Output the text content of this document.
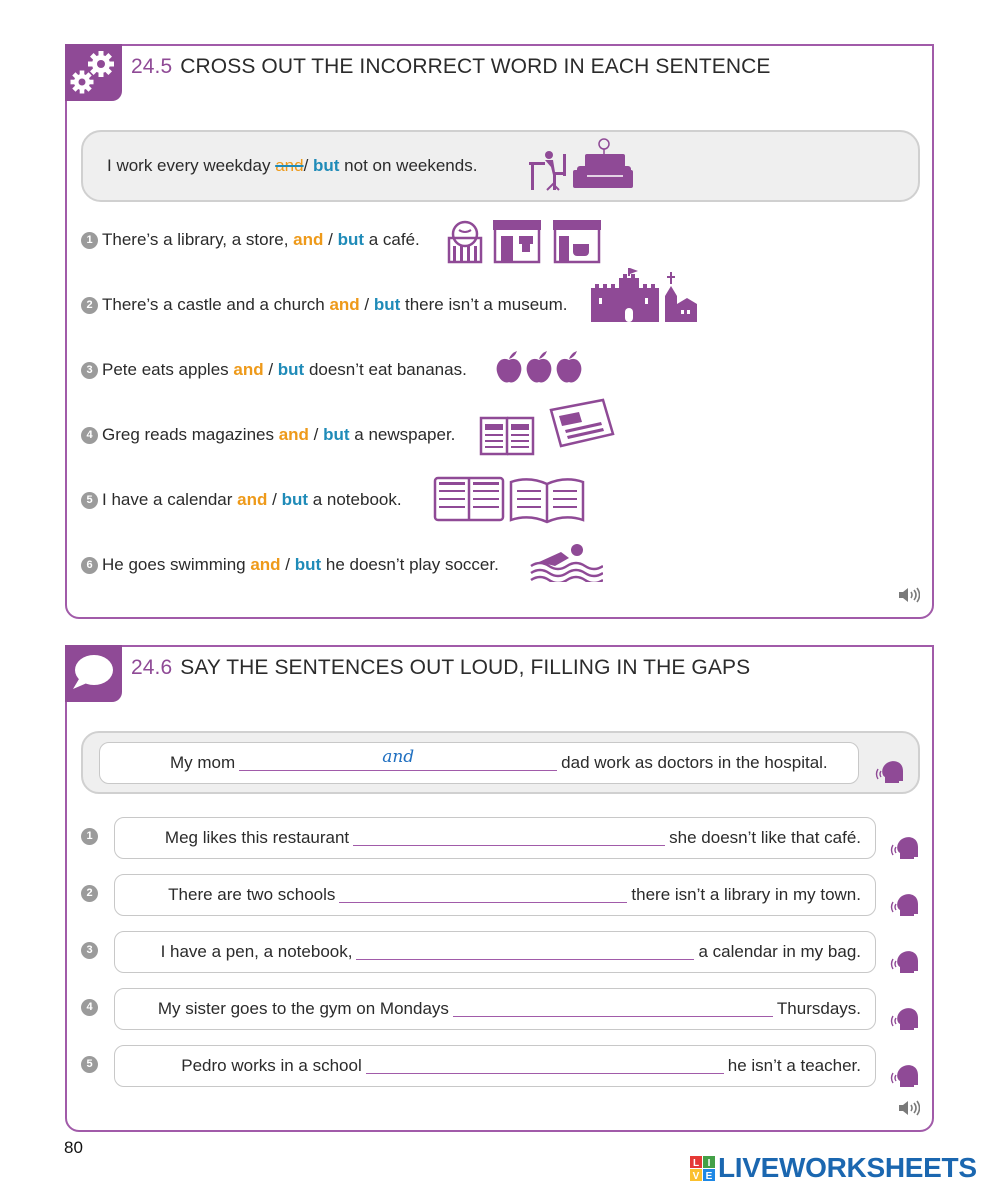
24.5 CROSS OUT THE INCORRECT WORD IN EACH SENTENCE
I work every weekday and/ but not on weekends.
1 There’s a library, a store, and / but a café.
2 There’s a castle and a church and / but there isn’t a museum.
3 Pete eats apples and / but doesn’t eat bananas.
4 Greg reads magazines and / but a newspaper.
5 I have a calendar and / but a notebook.
6 He goes swimming and / but he doesn’t play soccer.
24.6 SAY THE SENTENCES OUT LOUD, FILLING IN THE GAPS
My mom	and	dad work as doctors in the hospital.
1	Meg likes this restaurant	she doesn’t like that café.
2	There are two schools	there isn’t a library in my town.
3	I have a pen, a notebook,	a calendar in my bag.
4	My sister goes to the gym on Mondays	Thursdays.
5	Pedro works in a school	he isn’t a teacher.
80
L I
V E LIVEWORKSHEETS
